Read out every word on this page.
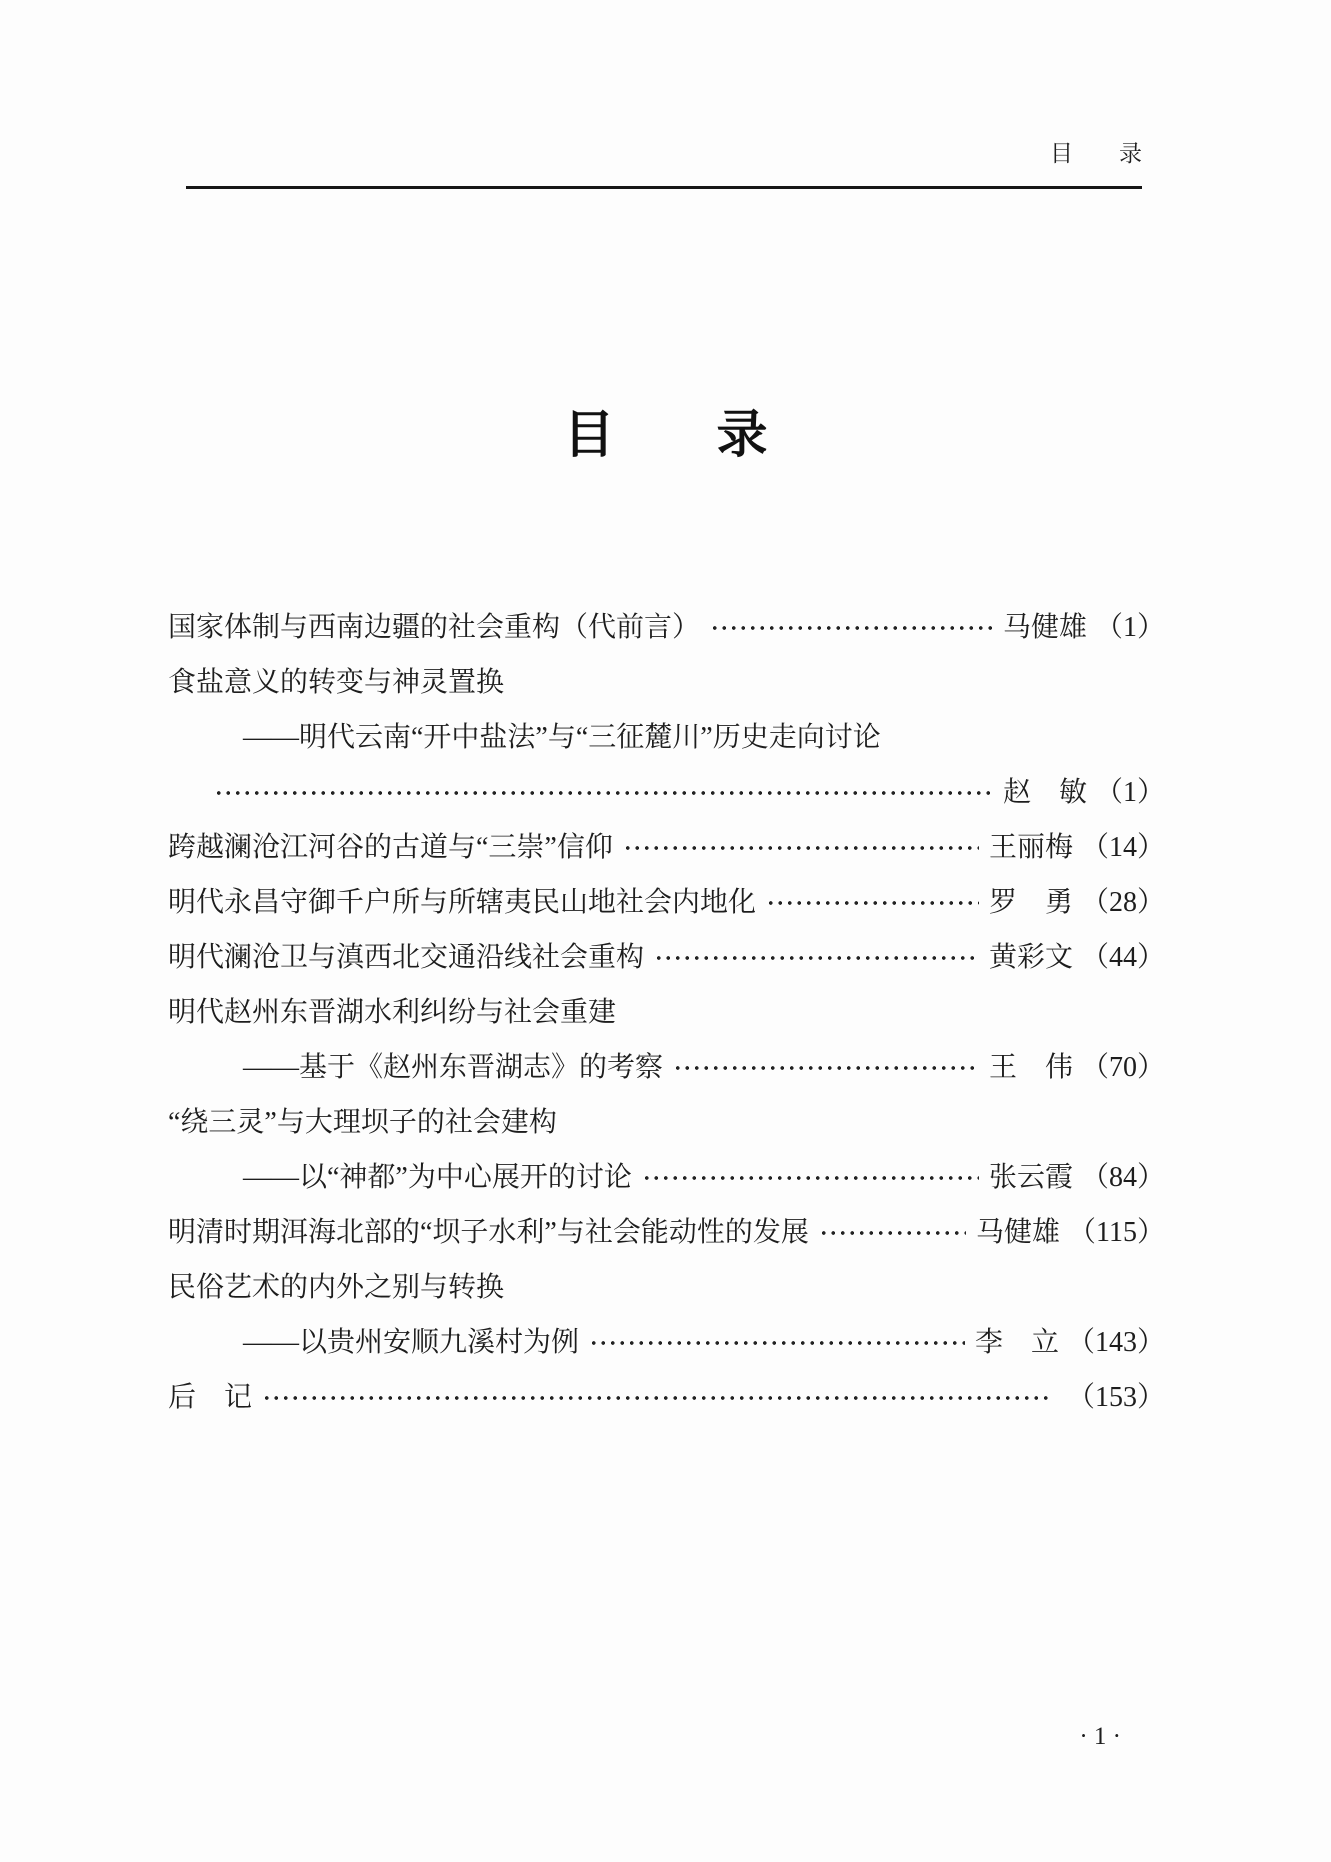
目　　录
目　　录
国家体制与西南边疆的社会重构（代前言）	马健雄 （1）
食盐意义的转变与神灵置换
——明代云南“开中盐法”与“三征麓川”历史走向讨论
赵　敏 （1）
跨越澜沧江河谷的古道与“三崇”信仰	王丽梅 （14）
明代永昌守御千户所与所辖夷民山地社会内地化	罗　勇 （28）
明代澜沧卫与滇西北交通沿线社会重构	黄彩文 （44）
明代赵州东晋湖水利纠纷与社会重建
——基于《赵州东晋湖志》的考察	王　伟 （70）
“绕三灵”与大理坝子的社会建构
——以“神都”为中心展开的讨论	张云霞 （84）
明清时期洱海北部的“坝子水利”与社会能动性的发展	马健雄 （115）
民俗艺术的内外之别与转换
——以贵州安顺九溪村为例	李　立 （143）
后　记	（153）
· 1 ·
